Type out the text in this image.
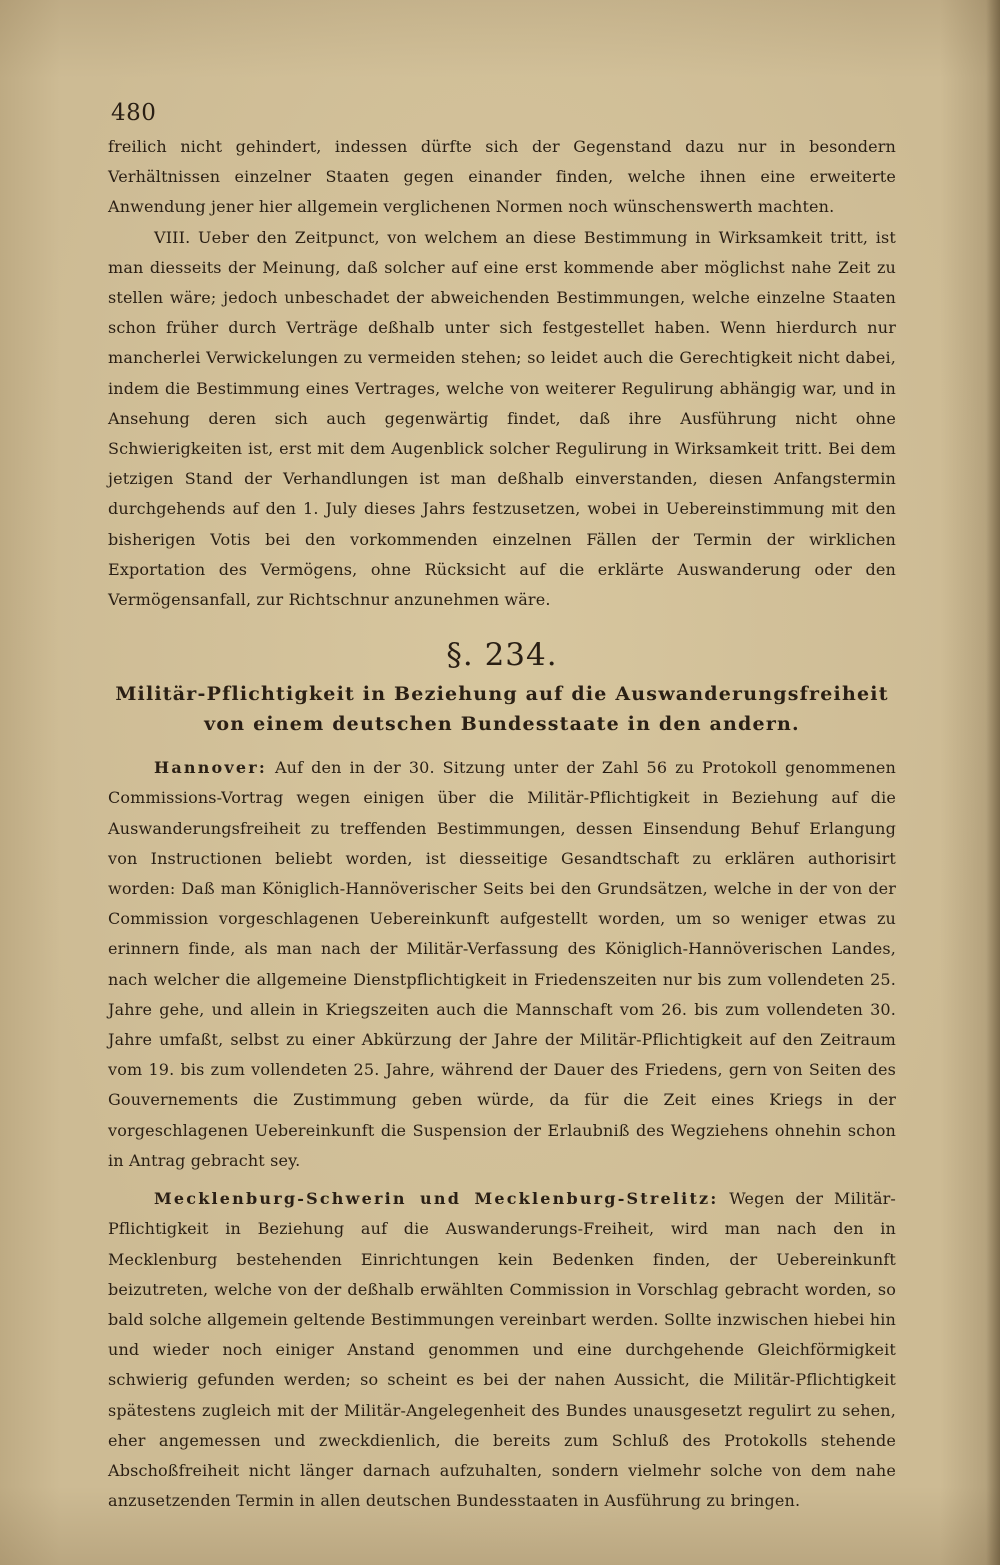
480

freilich nicht gehindert, indessen dürfte sich der Gegenstand dazu nur in besondern Verhältnissen einzelner Staaten gegen einander finden, welche ihnen eine erweiterte Anwendung jener hier allgemein verglichenen Normen noch wünschenswerth machten.

VIII. Ueber den Zeitpunct, von welchem an diese Bestimmung in Wirksamkeit tritt, ist man diesseits der Meinung, daß solcher auf eine erst kommende aber möglichst nahe Zeit zu stellen wäre; jedoch unbeschadet der abweichenden Bestimmungen, welche einzelne Staaten schon früher durch Verträge deßhalb unter sich festgestellet haben. Wenn hierdurch nur mancherlei Verwickelungen zu vermeiden stehen; so leidet auch die Gerechtigkeit nicht dabei, indem die Bestimmung eines Vertrages, welche von weiterer Regulirung abhängig war, und in Ansehung deren sich auch gegenwärtig findet, daß ihre Ausführung nicht ohne Schwierigkeiten ist, erst mit dem Augenblick solcher Regulirung in Wirksamkeit tritt. Bei dem jetzigen Stand der Verhandlungen ist man deßhalb einverstanden, diesen Anfangstermin durchgehends auf den 1. July dieses Jahrs festzusetzen, wobei in Uebereinstimmung mit den bisherigen Votis bei den vorkommenden einzelnen Fällen der Termin der wirklichen Exportation des Vermögens, ohne Rücksicht auf die erklärte Auswanderung oder den Vermögensanfall, zur Richtschnur anzunehmen wäre.

§. 234.
Militär-Pflichtigkeit in Beziehung auf die Auswanderungsfreiheit
von einem deutschen Bundesstaate in den andern.

Hannover: Auf den in der 30. Sitzung unter der Zahl 56 zu Protokoll genommenen Commissions-Vortrag wegen einigen über die Militär-Pflichtigkeit in Beziehung auf die Auswanderungsfreiheit zu treffenden Bestimmungen, dessen Einsendung Behuf Erlangung von Instructionen beliebt worden, ist diesseitige Gesandtschaft zu erklären authorisirt worden: Daß man Königlich-Hannöverischer Seits bei den Grundsätzen, welche in der von der Commission vorgeschlagenen Uebereinkunft aufgestellt worden, um so weniger etwas zu erinnern finde, als man nach der Militär-Verfassung des Königlich-Hannöverischen Landes, nach welcher die allgemeine Dienstpflichtigkeit in Friedenszeiten nur bis zum vollendeten 25. Jahre gehe, und allein in Kriegszeiten auch die Mannschaft vom 26. bis zum vollendeten 30. Jahre umfaßt, selbst zu einer Abkürzung der Jahre der Militär-Pflichtigkeit auf den Zeitraum vom 19. bis zum vollendeten 25. Jahre, während der Dauer des Friedens, gern von Seiten des Gouvernements die Zustimmung geben würde, da für die Zeit eines Kriegs in der vorgeschlagenen Uebereinkunft die Suspension der Erlaubniß des Wegziehens ohnehin schon in Antrag gebracht sey.

Mecklenburg-Schwerin und Mecklenburg-Strelitz: Wegen der Militär-Pflichtigkeit in Beziehung auf die Auswanderungs-Freiheit, wird man nach den in Mecklenburg bestehenden Einrichtungen kein Bedenken finden, der Uebereinkunft beizutreten, welche von der deßhalb erwählten Commission in Vorschlag gebracht worden, so bald solche allgemein geltende Bestimmungen vereinbart werden. Sollte inzwischen hiebei hin und wieder noch einiger Anstand genommen und eine durchgehende Gleichförmigkeit schwierig gefunden werden; so scheint es bei der nahen Aussicht, die Militär-Pflichtigkeit spätestens zugleich mit der Militär-Angelegenheit des Bundes unausgesetzt regulirt zu sehen, eher angemessen und zweckdienlich, die bereits zum Schluß des Protokolls stehende Abschoßfreiheit nicht länger darnach aufzuhalten, sondern vielmehr solche von dem nahe anzusetzenden Termin in allen deutschen Bundesstaaten in Ausführung zu bringen.
